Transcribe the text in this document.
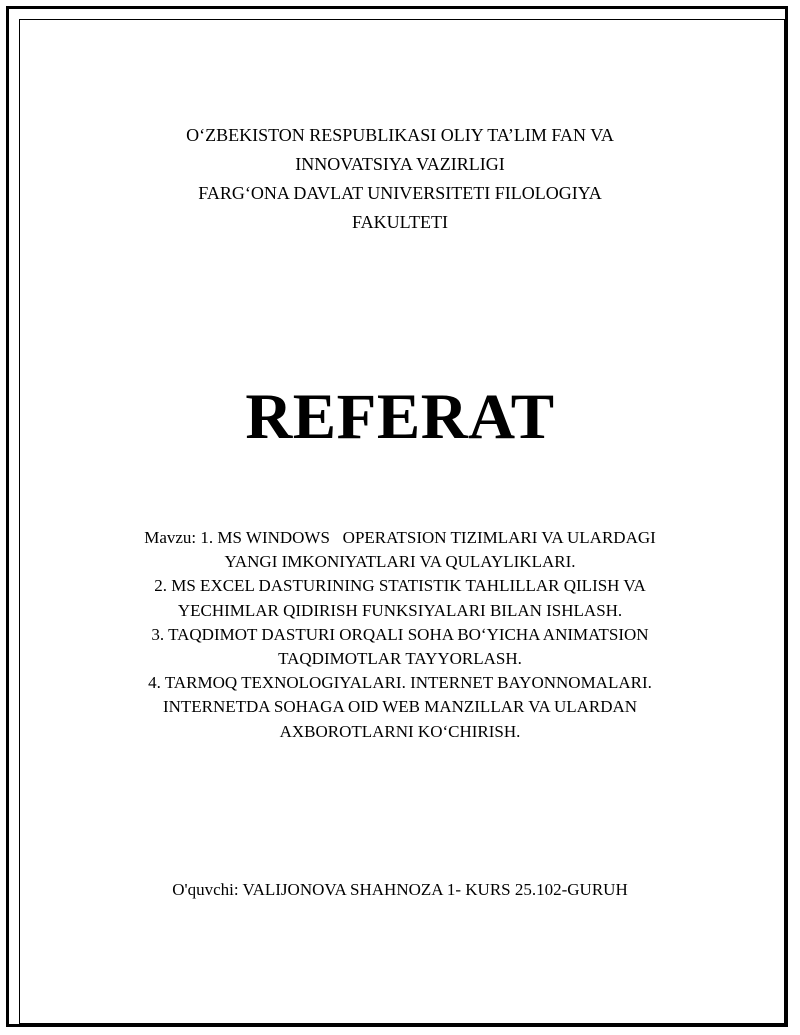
O‘ZBEKISTON RESPUBLIKASI OLIY TA’LIM FAN VA
INNOVATSIYA VAZIRLIGI
FARG‘ONA DAVLAT UNIVERSITETI FILOLOGIYA
FAKULTETI
REFERAT
Mavzu: 1. MS WINDOWS   OPERATSION TIZIMLARI VA ULARDAGI
YANGI IMKONIYATLARI VA QULAYLIKLARI.
2. MS EXCEL DASTURINING STATISTIK TAHLILLAR QILISH VA
YECHIMLAR QIDIRISH FUNKSIYALARI BILAN ISHLASH.
3. TAQDIMOT DASTURI ORQALI SOHA BO‘YICHA ANIMATSION
TAQDIMOTLAR TAYYORLASH.
4. TARMOQ TEXNOLOGIYALARI. INTERNET BAYONNOMALARI.
INTERNETDA SOHAGA OID WEB MANZILLAR VA ULARDAN
AXBOROTLARNI KO‘CHIRISH.
O'quvchi: VALIJONOVA SHAHNOZA 1- KURS 25.102-GURUH
